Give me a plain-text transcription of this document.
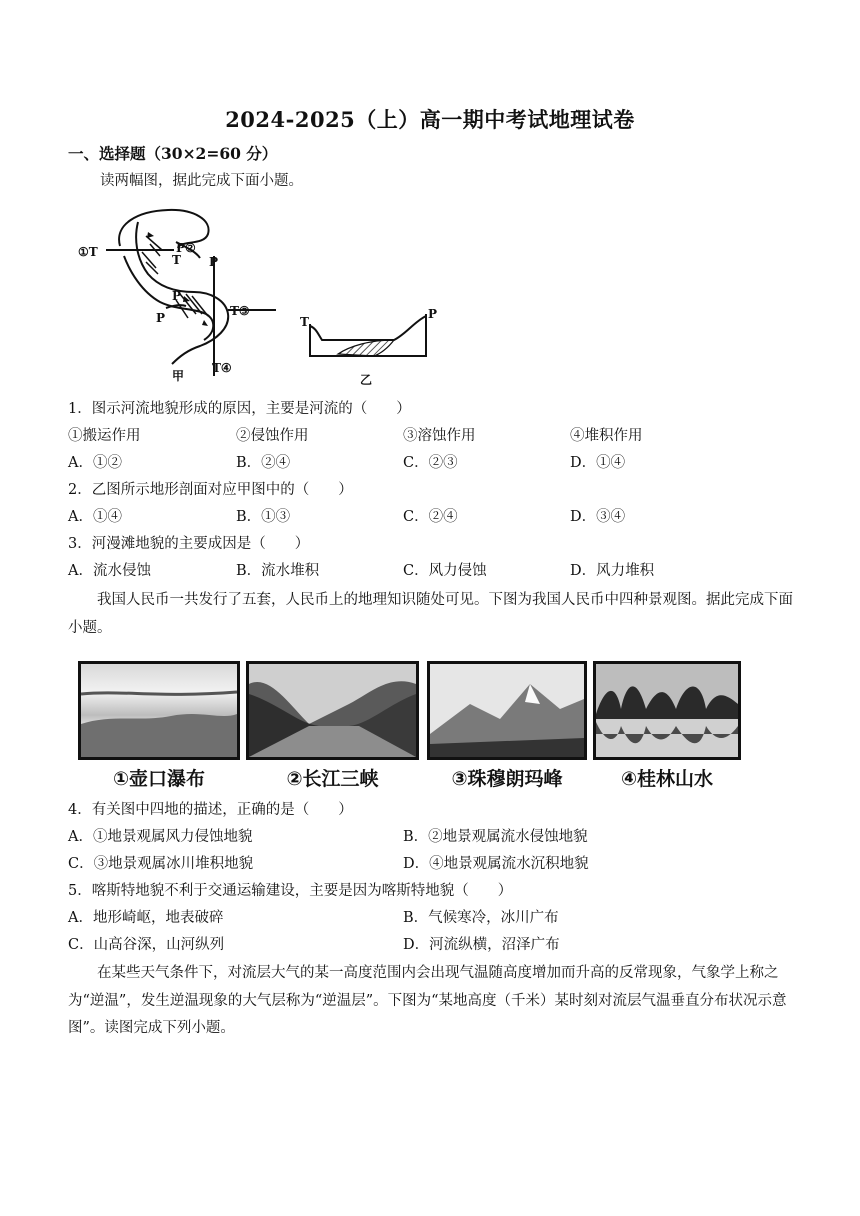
2024-2025（上）高一期中考试地理试卷
一、选择题（30×2=60 分）
读两幅图，据此完成下面小题。
①T	P②
T③
T④
P
P
T
P
甲
T
P
乙
1．图示河流地貌形成的原因，主要是河流的（　　）
①搬运作用	②侵蚀作用	③溶蚀作用	④堆积作用
A．①②	B．②④	C．②③	D．①④
2．乙图所示地形剖面对应甲图中的（　　）
A．①④	B．①③	C．②④	D．③④
3．河漫滩地貌的主要成因是（　　）
A．流水侵蚀	B．流水堆积	C．风力侵蚀	D．风力堆积
我国人民币一共发行了五套，人民币上的地理知识随处可见。下图为我国人民币中四种景观图。据此完成下面小题。
①壶口瀑布	②长江三峡	③珠穆朗玛峰	④桂林山水
4．有关图中四地的描述，正确的是（　　）
A．①地景观属风力侵蚀地貌	B．②地景观属流水侵蚀地貌
C．③地景观属冰川堆积地貌	D．④地景观属流水沉积地貌
5．喀斯特地貌不利于交通运输建设，主要是因为喀斯特地貌（　　）
A．地形崎岖，地表破碎	B．气候寒冷，冰川广布
C．山高谷深，山河纵列	D．河流纵横，沼泽广布
在某些天气条件下，对流层大气的某一高度范围内会出现气温随高度增加而升高的反常现象，气象学上称之为“逆温”，发生逆温现象的大气层称为“逆温层”。下图为“某地高度（千米）某时刻对流层气温垂直分布状况示意图”。读图完成下列小题。
